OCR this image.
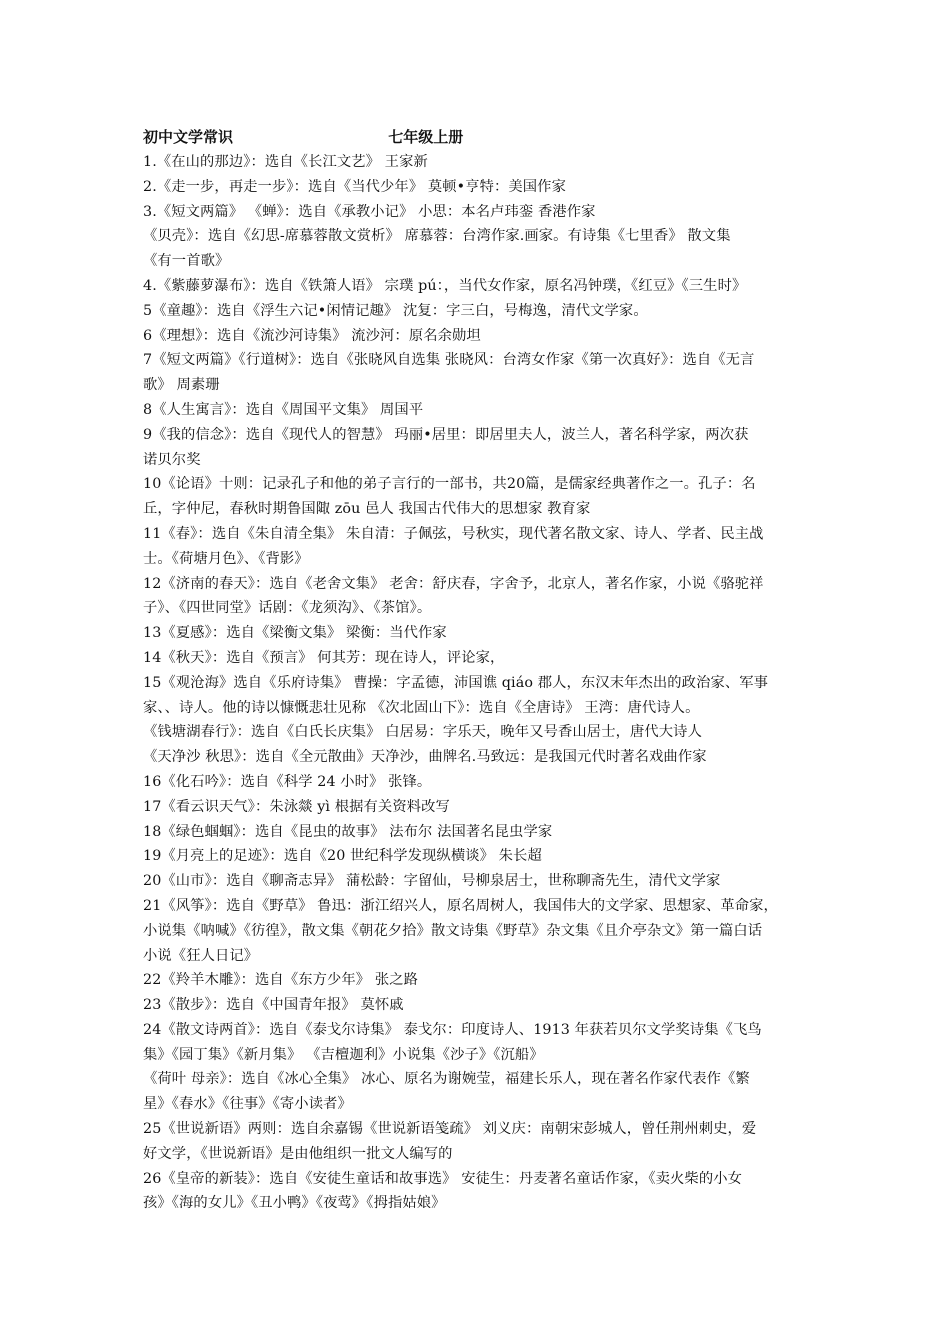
初中文学常识	七年级上册

1.《在山的那边》：选自《长江文艺》 王家新

2.《走一步，再走一步》：选自《当代少年》 莫顿•亨特：美国作家

3.《短文两篇》 《蝉》：选自《承教小记》 小思：本名卢玮銮 香港作家

《贝壳》：选自《幻思-席慕蓉散文赏析》 席慕蓉：台湾作家.画家。有诗集《七里香》 散文集

《有一首歌》

4.《紫藤萝瀑布》：选自《铁箫人语》 宗璞 pú：，当代女作家，原名冯钟璞，《红豆》《三生时》

5《童趣》：选自《浮生六记•闲情记趣》 沈复：字三白，号梅逸，清代文学家。

6《理想》：选自《流沙河诗集》 流沙河：原名余勋坦

7《短文两篇》《行道树》：选自《张晓风自选集 张晓风：台湾女作家《第一次真好》：选自《无言

歌》 周素珊

8《人生寓言》：选自《周国平文集》 周国平

9《我的信念》：选自《现代人的智慧》 玛丽•居里：即居里夫人，波兰人，著名科学家，两次获

诺贝尔奖

10《论语》十则：记录孔子和他的弟子言行的一部书，共20篇，是儒家经典著作之一。孔子：名

丘，字仲尼，春秋时期鲁国陬 zōu 邑人 我国古代伟大的思想家 教育家

11《春》：选自《朱自清全集》 朱自清：子佩弦，号秋实，现代著名散文家、诗人、学者、民主战

士。《荷塘月色》、《背影》

12《济南的春天》：选自《老舍文集》 老舍：舒庆春，字舍予，北京人，著名作家，小说《骆驼祥

子》、《四世同堂》话剧：《龙须沟》、《茶馆》。

13《夏感》：选自《梁衡文集》 梁衡：当代作家

14《秋天》：选自《预言》 何其芳：现在诗人，评论家，

15《观沧海》选自《乐府诗集》 曹操：字孟德，沛国谯 qiáo 郡人，东汉末年杰出的政治家、军事

家、、诗人。他的诗以慷慨悲壮见称 《次北固山下》：选自《全唐诗》 王湾：唐代诗人。

《钱塘湖春行》：选自《白氏长庆集》 白居易：字乐天，晚年又号香山居士，唐代大诗人

《天净沙 秋思》：选自《全元散曲》天净沙，曲牌名.马致远：是我国元代时著名戏曲作家

16《化石吟》：选自《科学 24 小时》 张锋。

17《看云识天气》：朱泳燚 yì 根据有关资料改写

18《绿色蝈蝈》：选自《昆虫的故事》 法布尔 法国著名昆虫学家

19《月亮上的足迹》：选自《20 世纪科学发现纵横谈》 朱长超

20《山市》：选自《聊斋志异》 蒲松龄：字留仙，号柳泉居士，世称聊斋先生，清代文学家

21《风筝》：选自《野草》 鲁迅：浙江绍兴人，原名周树人，我国伟大的文学家、思想家、革命家，

小说集《呐喊》《彷徨》，散文集《朝花夕拾》散文诗集《野草》杂文集《且介亭杂文》第一篇白话

小说《狂人日记》

22《羚羊木雕》：选自《东方少年》 张之路

23《散步》：选自《中国青年报》 莫怀戚

24《散文诗两首》：选自《泰戈尔诗集》 泰戈尔：印度诗人、1913 年获若贝尔文学奖诗集《飞鸟

集》《园丁集》《新月集》 《吉檀迦利》小说集《沙子》《沉船》

《荷叶 母亲》：选自《冰心全集》 冰心、原名为谢婉莹，福建长乐人，现在著名作家代表作《繁

星》《春水》《往事》《寄小读者》

25《世说新语》两则：选自余嘉锡《世说新语笺疏》 刘义庆：南朝宋彭城人，曾任荆州刺史，爱

好文学，《世说新语》是由他组织一批文人编写的

26《皇帝的新装》：选自《安徒生童话和故事选》 安徒生：丹麦著名童话作家，《卖火柴的小女

孩》《海的女儿》《丑小鸭》《夜莺》《拇指姑娘》
